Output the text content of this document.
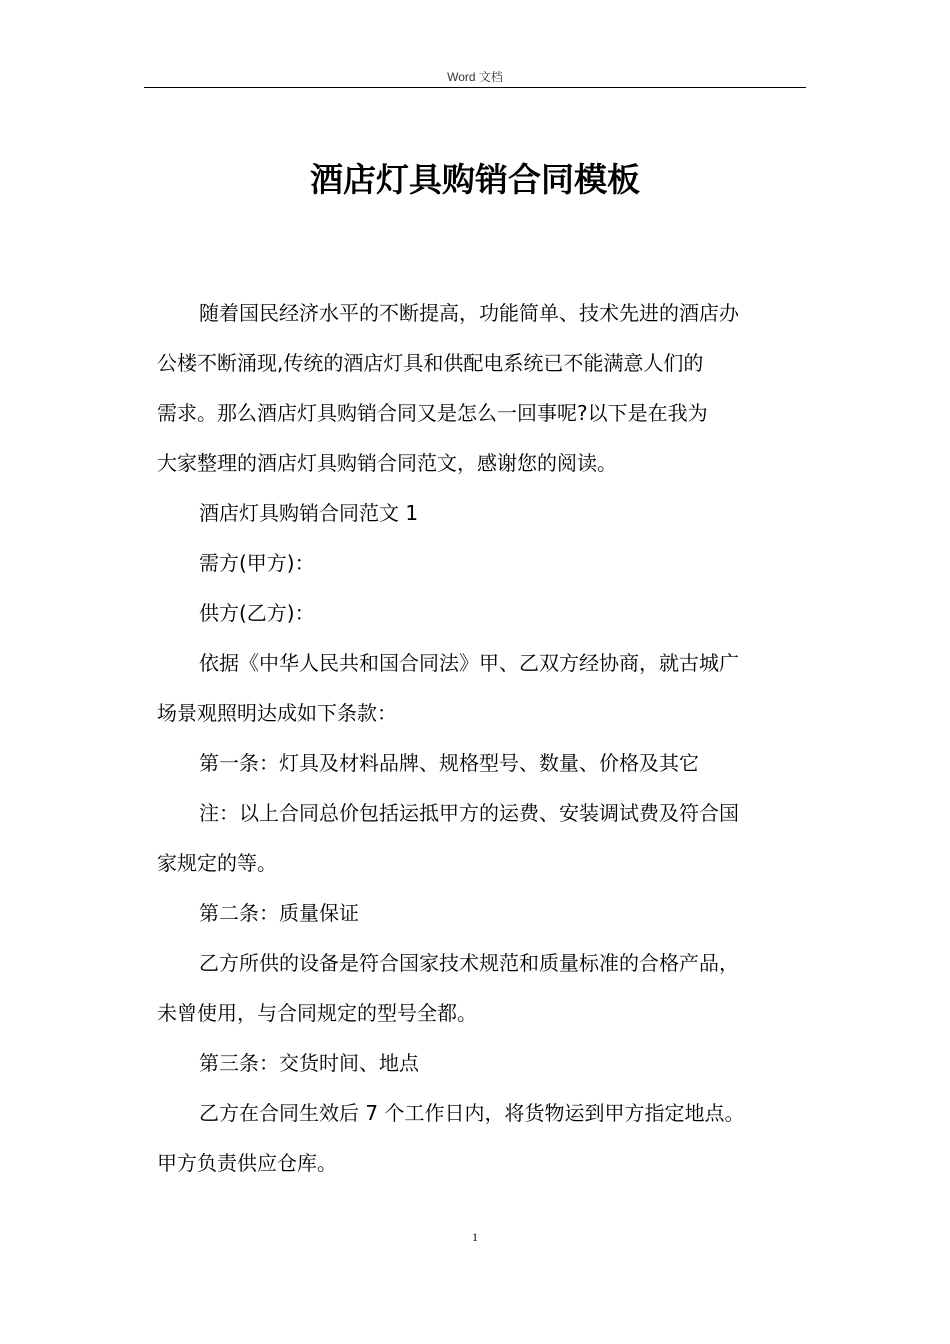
Word 文档
酒店灯具购销合同模板

随着国民经济水平的不断提高，功能简单、技术先进的酒店办
公楼不断涌现,传统的酒店灯具和供配电系统已不能满意人们的
需求。那么酒店灯具购销合同又是怎么一回事呢?以下是在我为
大家整理的酒店灯具购销合同范文，感谢您的阅读。

酒店灯具购销合同范文 1

需方(甲方)：

供方(乙方)：

依据《中华人民共和国合同法》甲、乙双方经协商，就古城广
场景观照明达成如下条款：

第一条：灯具及材料品牌、规格型号、数量、价格及其它

注：以上合同总价包括运抵甲方的运费、安装调试费及符合国
家规定的等。

第二条：质量保证

乙方所供的设备是符合国家技术规范和质量标准的合格产品，
未曾使用，与合同规定的型号全都。

第三条：交货时间、地点

乙方在合同生效后 7 个工作日内，将货物运到甲方指定地点。
甲方负责供应仓库。

1
